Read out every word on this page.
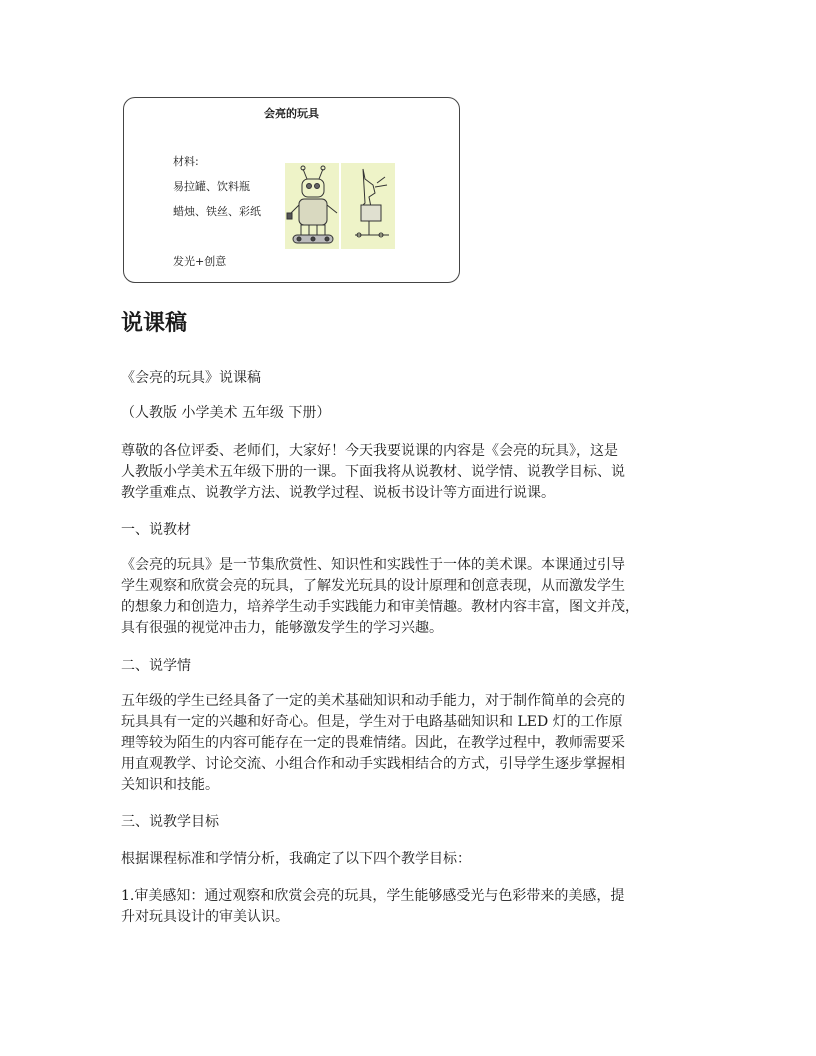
会亮的玩具
材料:
易拉罐、饮料瓶
蜡烛、铁丝、彩纸
发光+创意
说课稿

《会亮的玩具》说课稿

（人教版 小学美术 五年级 下册）

尊敬的各位评委、老师们，大家好！今天我要说课的内容是《会亮的玩具》，这是

人教版小学美术五年级下册的一课。下面我将从说教材、说学情、说教学目标、说

教学重难点、说教学方法、说教学过程、说板书设计等方面进行说课。

一、说教材

《会亮的玩具》是一节集欣赏性、知识性和实践性于一体的美术课。本课通过引导

学生观察和欣赏会亮的玩具，了解发光玩具的设计原理和创意表现，从而激发学生

的想象力和创造力，培养学生动手实践能力和审美情趣。教材内容丰富，图文并茂，

具有很强的视觉冲击力，能够激发学生的学习兴趣。

二、说学情

五年级的学生已经具备了一定的美术基础知识和动手能力，对于制作简单的会亮的

玩具具有一定的兴趣和好奇心。但是，学生对于电路基础知识和 LED 灯的工作原

理等较为陌生的内容可能存在一定的畏难情绪。因此，在教学过程中，教师需要采

用直观教学、讨论交流、小组合作和动手实践相结合的方式，引导学生逐步掌握相

关知识和技能。

三、说教学目标

根据课程标准和学情分析，我确定了以下四个教学目标：

1.审美感知：通过观察和欣赏会亮的玩具，学生能够感受光与色彩带来的美感，提

升对玩具设计的审美认识。
